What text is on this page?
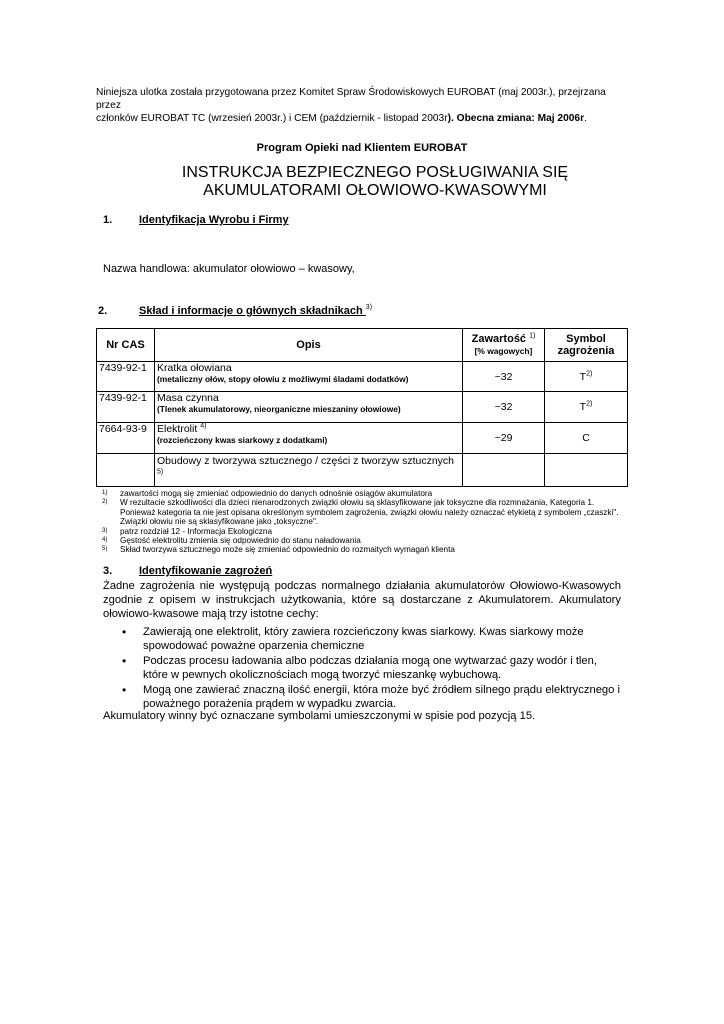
Niniejsza ulotka została przygotowana przez Komitet Spraw Środowiskowych EUROBAT (maj 2003r.), przejrzana przez
członków EUROBAT TC (wrzesień 2003r.) i CEM (październik - listopad 2003r). Obecna zmiana: Maj 2006r.
Program Opieki nad Klientem EUROBAT
INSTRUKCJA BEZPIECZNEGO POSŁUGIWANIA SIĘ
AKUMULATORAMI OŁOWIOWO-KWASOWYMI
1. Identyfikacja Wyrobu i Firmy
Nazwa handlowa: akumulator ołowiowo – kwasowy,
2.	Skład i informacje o głównych składnikach $^{3)}$
Nr CAS	Opis	Zawartość $^{1)}$
[% wagowych]	Symbol
zagrożenia
7439-92-1	Kratka ołowiana
(metaliczny ołów, stopy ołowiu z możliwymi śladami dodatków)	~32	$T^{2)}$
7439-92-1	Masa czynna
(Tlenek akumulatorowy, nieorganiczne mieszaniny ołowiowe)	~32	$T^{2)}$
7664-93-9	Elektrolit $^{4)}$
(rozcieńczony kwas siarkowy z dodatkami)	~29	C
	Obudowy z tworzywa sztucznego / części z tworzyw sztucznych $^{5)}$		
1)	zawartości mogą się zmieniać odpowiednio do danych odnośnie osiągów akumulatora
2)	W rezultacie szkodliwości dla dzieci nienarodzonych związki ołowiu są sklasyfikowane jak toksyczne dla rozmnażania, Kategoria 1. Ponieważ kategoria ta nie jest opisana określonym symbolem zagrożenia, związki ołowiu należy oznaczać etykietą z symbolem „czaszki". Związki ołowiu nie są sklasyfikowane jako „toksyczne".
3)	patrz rozdział 12 - Informacja Ekologiczna
4)	Gęstość elektrolitu zmienia się odpowiednio do stanu naładowania
5)	Skład tworzywa sztucznego może się zmieniać odpowiednio do rozmaitych wymagań klienta
3. Identyfikowanie zagrożeń
Żadne zagrożenia nie występują podczas normalnego działania akumulatorów Ołowiowo-Kwasowych zgodnie z opisem w instrukcjach użytkowania, które są dostarczane z Akumulatorem. Akumulatory ołowiowo-kwasowe mają trzy istotne cechy:
•	Zawierają one elektrolit, który zawiera rozcieńczony kwas siarkowy. Kwas siarkowy może spowodować poważne oparzenia chemiczne
•	Podczas procesu ładowania albo podczas działania mogą one wytwarzać gazy wodór i tlen, które w pewnych okolicznościach mogą tworzyć mieszankę wybuchową.
•	Mogą one zawierać znaczną ilość energii, która może być źródłem silnego prądu elektrycznego i poważnego porażenia prądem w wypadku zwarcia.
Akumulatory winny być oznaczane symbolami umieszczonymi w spisie pod pozycją 15.
